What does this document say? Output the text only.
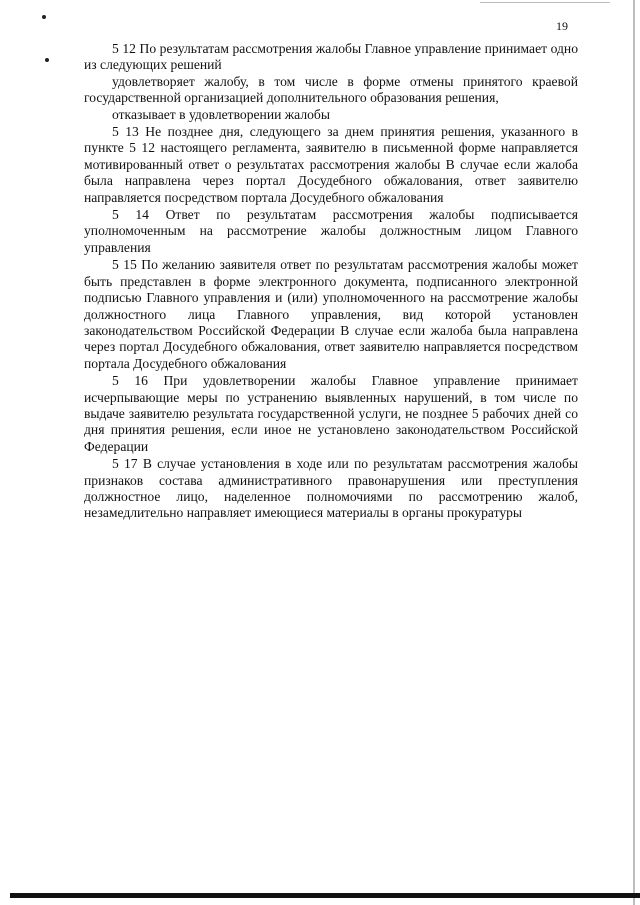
19

5 12 По результатам рассмотрения жалобы Главное управление принимает одно из следующих решений

удовлетворяет жалобу, в том числе в форме отмены принятого краевой государственной организацией дополнительного образования решения,

отказывает в удовлетворении жалобы

5 13 Не позднее дня, следующего за днем принятия решения, указанного в пункте 5 12 настоящего регламента, заявителю в письменной форме направляется мотивированный ответ о результатах рассмотрения жалобы В случае если жалоба была направлена через портал Досудебного обжалования, ответ заявителю направляется посредством портала Досудебного обжалования

5 14 Ответ по результатам рассмотрения жалобы подписывается уполномоченным на рассмотрение жалобы должностным лицом Главного управления

5 15 По желанию заявителя ответ по результатам рассмотрения жалобы может быть представлен в форме электронного документа, подписанного электронной подписью Главного управления и (или) уполномоченного на рассмотрение жалобы должностного лица Главного управления, вид которой установлен законодательством Российской Федерации В случае если жалоба была направлена через портал Досудебного обжалования, ответ заявителю направляется посредством портала Досудебного обжалования

5 16 При удовлетворении жалобы Главное управление принимает исчерпывающие меры по устранению выявленных нарушений, в том числе по выдаче заявителю результата государственной услуги, не позднее 5 рабочих дней со дня принятия решения, если иное не установлено законодательством Российской Федерации

5 17 В случае установления в ходе или по результатам рассмотрения жалобы признаков состава административного правонарушения или преступления должностное лицо, наделенное полномочиями по рассмотрению жалоб, незамедлительно направляет имеющиеся материалы в органы прокуратуры
